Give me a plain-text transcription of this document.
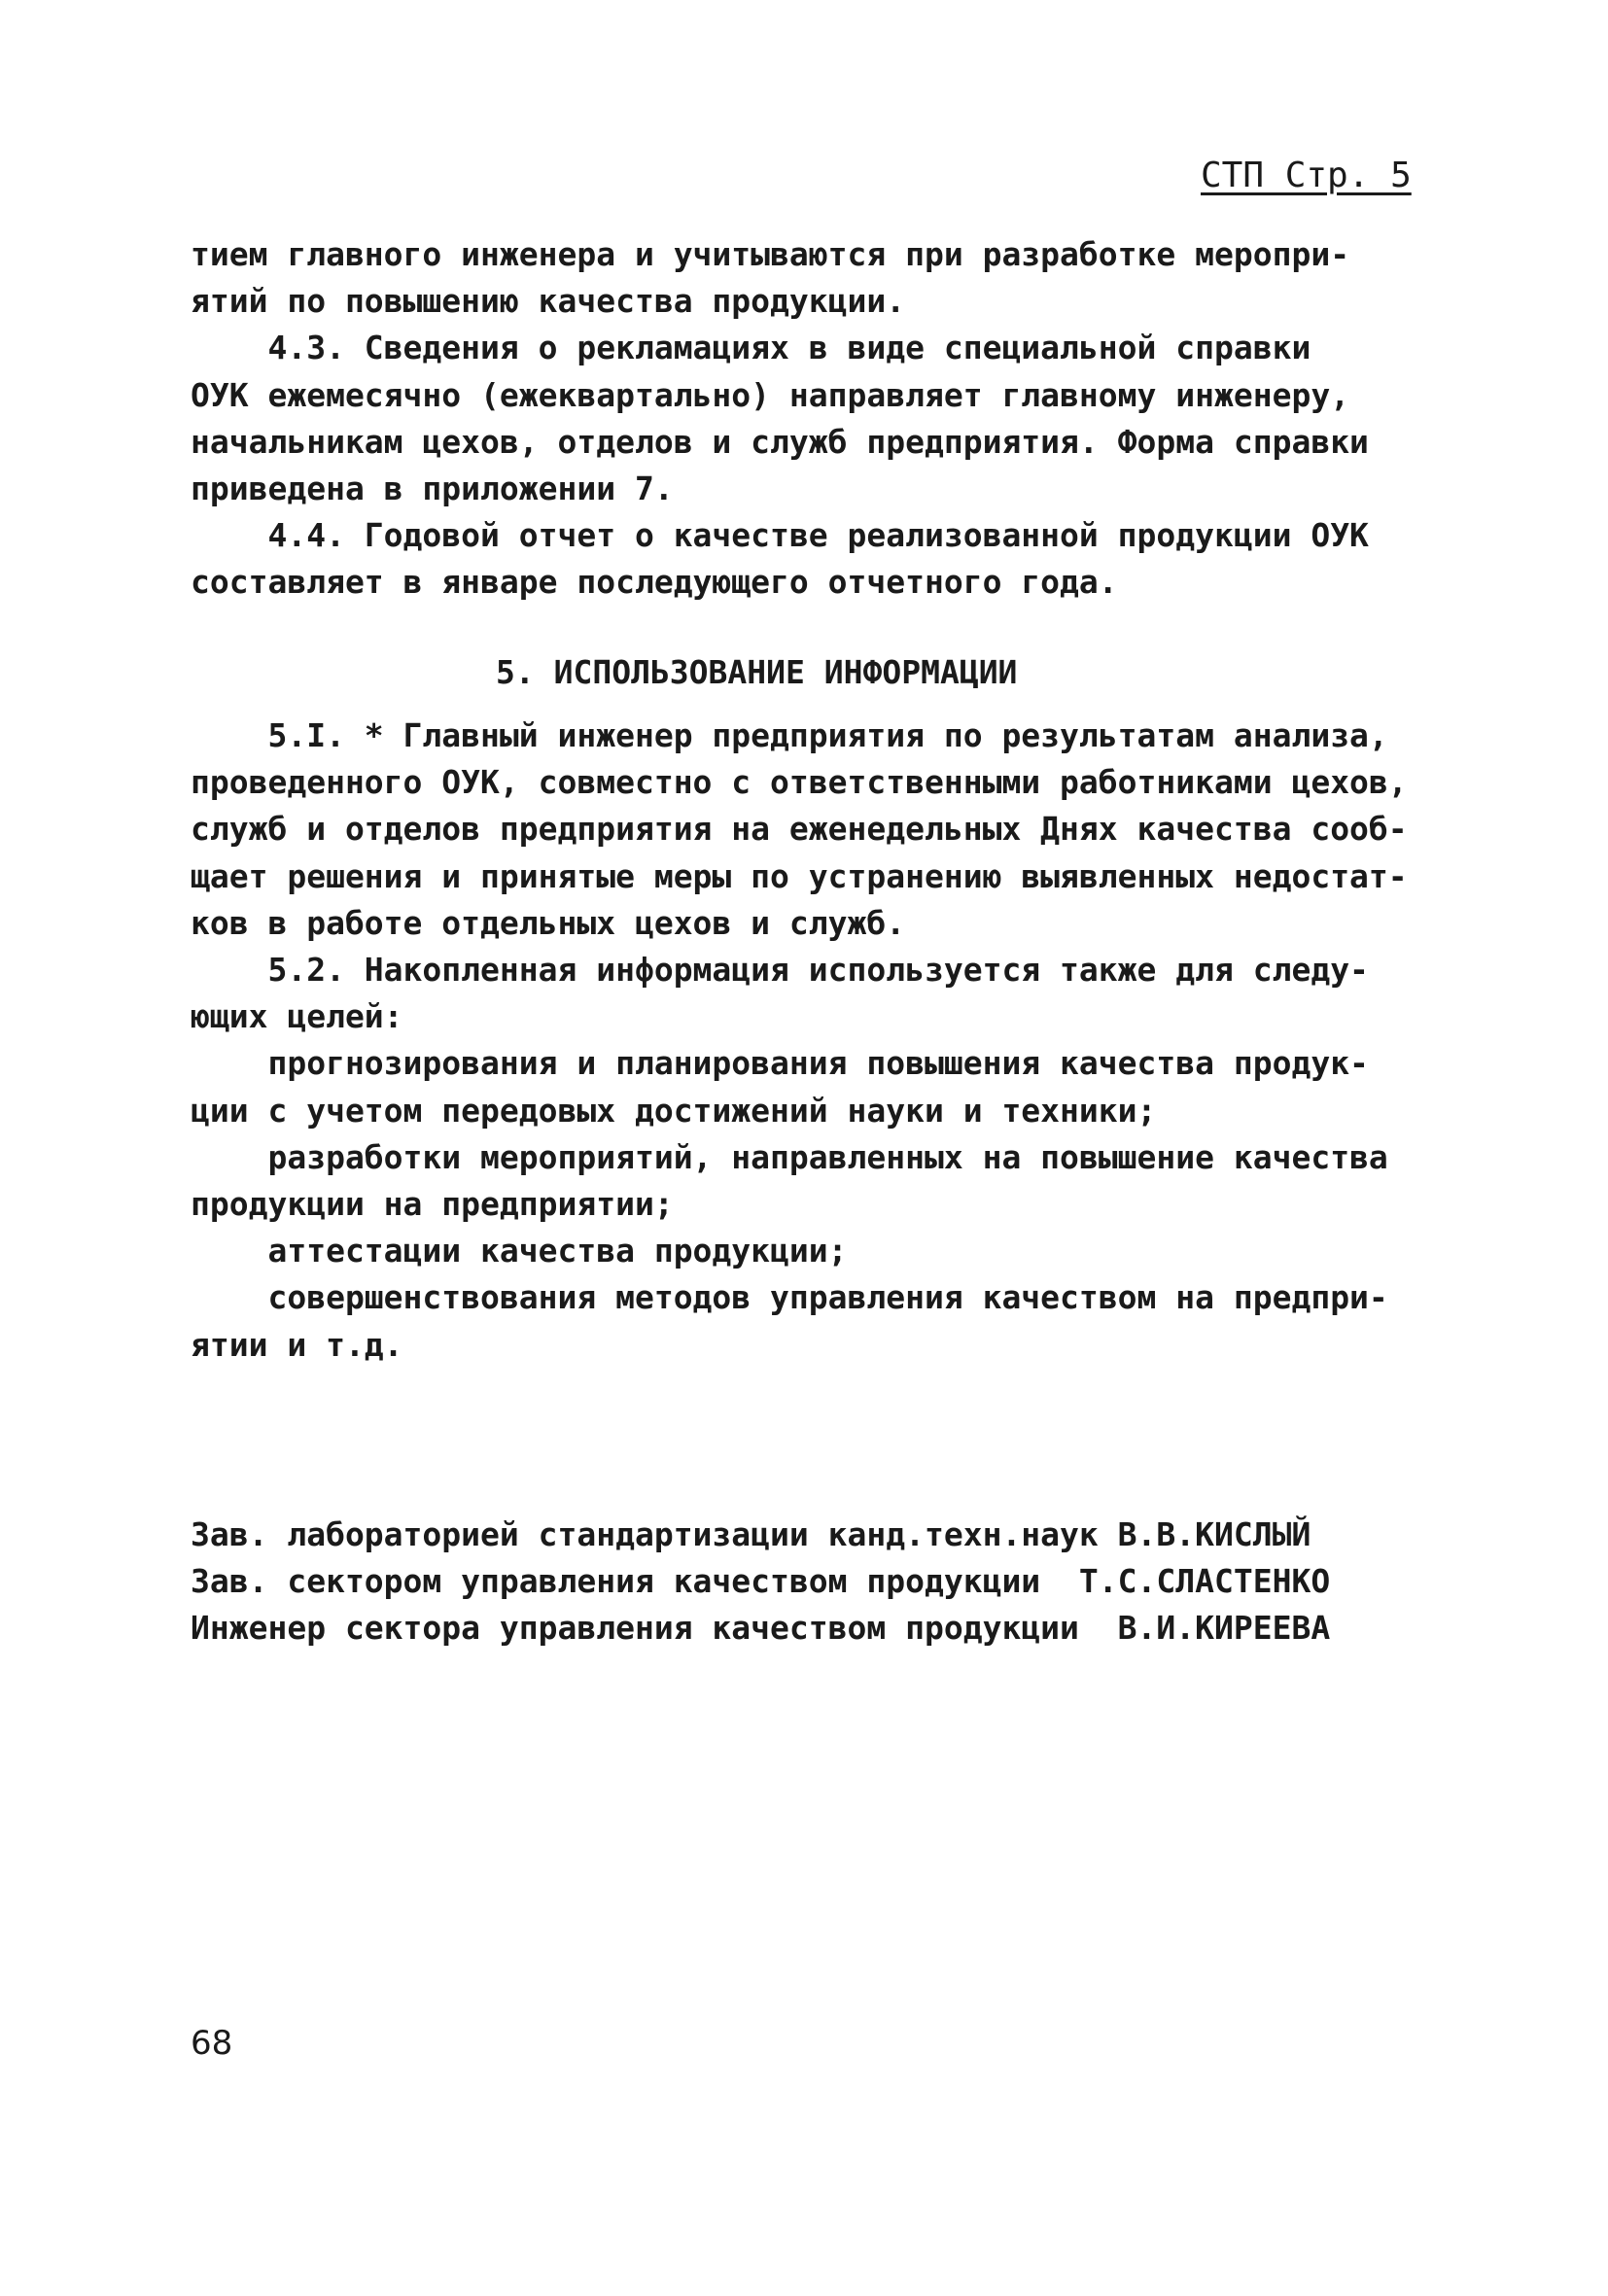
СТП Стр. 5

тием главного инженера и учитываются при разработке меропри-

ятий по повышению качества продукции.

4.3. Сведения о рекламациях в виде специальной справки

ОУК ежемесячно (ежеквартально) направляет главному инженеру,

начальникам цехов, отделов и служб предприятия. Форма справки

приведена в приложении 7.

4.4. Годовой отчет о качестве реализованной продукции ОУК

составляет в январе последующего отчетного года.

5. ИСПОЛЬЗОВАНИЕ ИНФОРМАЦИИ

5.I. * Главный инженер предприятия по результатам анализа,

проведенного ОУК, совместно с ответственными работниками цехов,

служб и отделов предприятия на еженедельных Днях качества сооб-

щает решения и принятые меры по устранению выявленных недостат-

ков в работе отдельных цехов и служб.

5.2. Накопленная информация используется также для следу-

ющих целей:

прогнозирования и планирования повышения качества продук-

ции с учетом передовых достижений науки и техники;

разработки мероприятий, направленных на повышение качества

продукции на предприятии;

аттестации качества продукции;

совершенствования методов управления качеством на предпри-

ятии и т.д.

Зав. лабораторией стандартизации канд.техн.наук В.В.КИСЛЫЙ

Зав. сектором управления качеством продукции  Т.С.СЛАСТЕНКО

Инженер сектора управления качеством продукции  В.И.КИРЕЕВА

68
